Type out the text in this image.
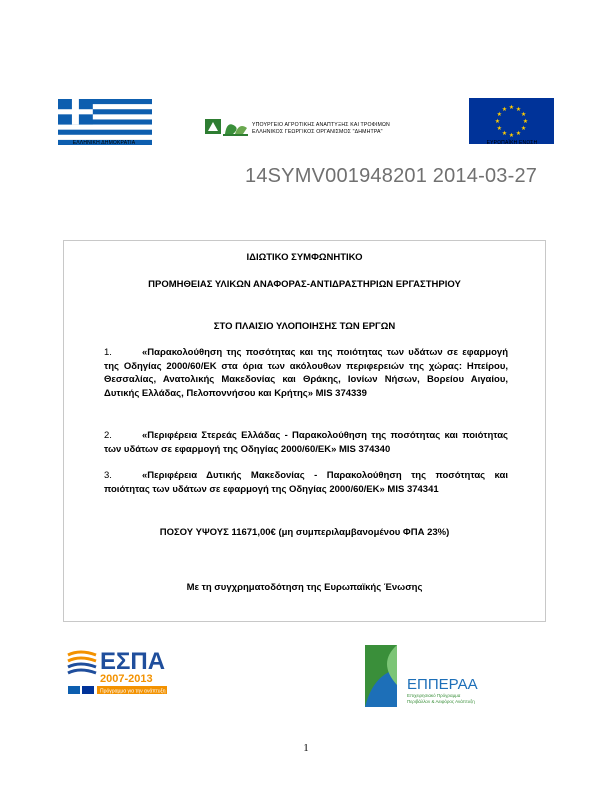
ΕΛΛΗΝΙΚΗ ΔΗΜΟΚΡΑΤΙΑ
ΥΠΟΥΡΓΕΙΟ ΑΓΡΟΤΙΚΗΣ ΑΝΑΠΤΥΞΗΣ ΚΑΙ ΤΡΟΦΙΜΩΝ
ΕΛΛΗΝΙΚΟΣ ΓΕΩΡΓΙΚΟΣ ΟΡΓΑΝΙΣΜΟΣ "ΔΗΜΗΤΡΑ"
★ ★
★
★
★
★
★
★
★
★
★
★
ΕΥΡΩΠΑΪΚΗ ΕΝΩΣΗ
14SYMV001948201 2014-03-27
ΙΔΙΩΤΙΚΟ ΣΥΜΦΩΝΗΤΙΚΟ
ΠΡΟΜΗΘΕΙΑΣ ΥΛΙΚΩΝ ΑΝΑΦΟΡΑΣ-ΑΝΤΙΔΡΑΣΤΗΡΙΩΝ ΕΡΓΑΣΤΗΡΙΟΥ
ΣΤΟ ΠΛΑΙΣΙΟ ΥΛΟΠΟΙΗΣΗΣ ΤΩΝ ΕΡΓΩΝ
1.	«Παρακολούθηση της ποσότητας και της ποιότητας των υδάτων σε εφαρμογή της Οδηγίας 2000/60/ΕΚ στα όρια των ακόλουθων περιφερειών της χώρας: Ηπείρου, Θεσσαλίας, Ανατολικής Μακεδονίας και Θράκης, Ιονίων Νήσων, Βορείου Αιγαίου, Δυτικής Ελλάδας, Πελοποννήσου και Κρήτης» MIS 374339
2.	«Περιφέρεια Στερεάς Ελλάδας - Παρακολούθηση της ποσότητας και ποιότητας των υδάτων σε εφαρμογή της Οδηγίας 2000/60/ΕΚ» MIS 374340
3.	«Περιφέρεια Δυτικής Μακεδονίας - Παρακολούθηση της ποσότητας και ποιότητας των υδάτων σε εφαρμογή της Οδηγίας 2000/60/ΕΚ» MIS 374341
ΠΟΣΟΥ ΥΨΟΥΣ 11671,00€ (μη συμπεριλαμβανομένου ΦΠΑ 23%)
Με τη συγχρηματοδότηση της Ευρωπαϊκής Ένωσης
ΕΣΠΑ
2007-2013
Πρόγραμμα για την ανάπτυξη	ΕΠΠΕΡΑΑ
Επιχειρησιακό Πρόγραμμα
Περιβάλλον & Αειφόρος Ανάπτυξη
1
